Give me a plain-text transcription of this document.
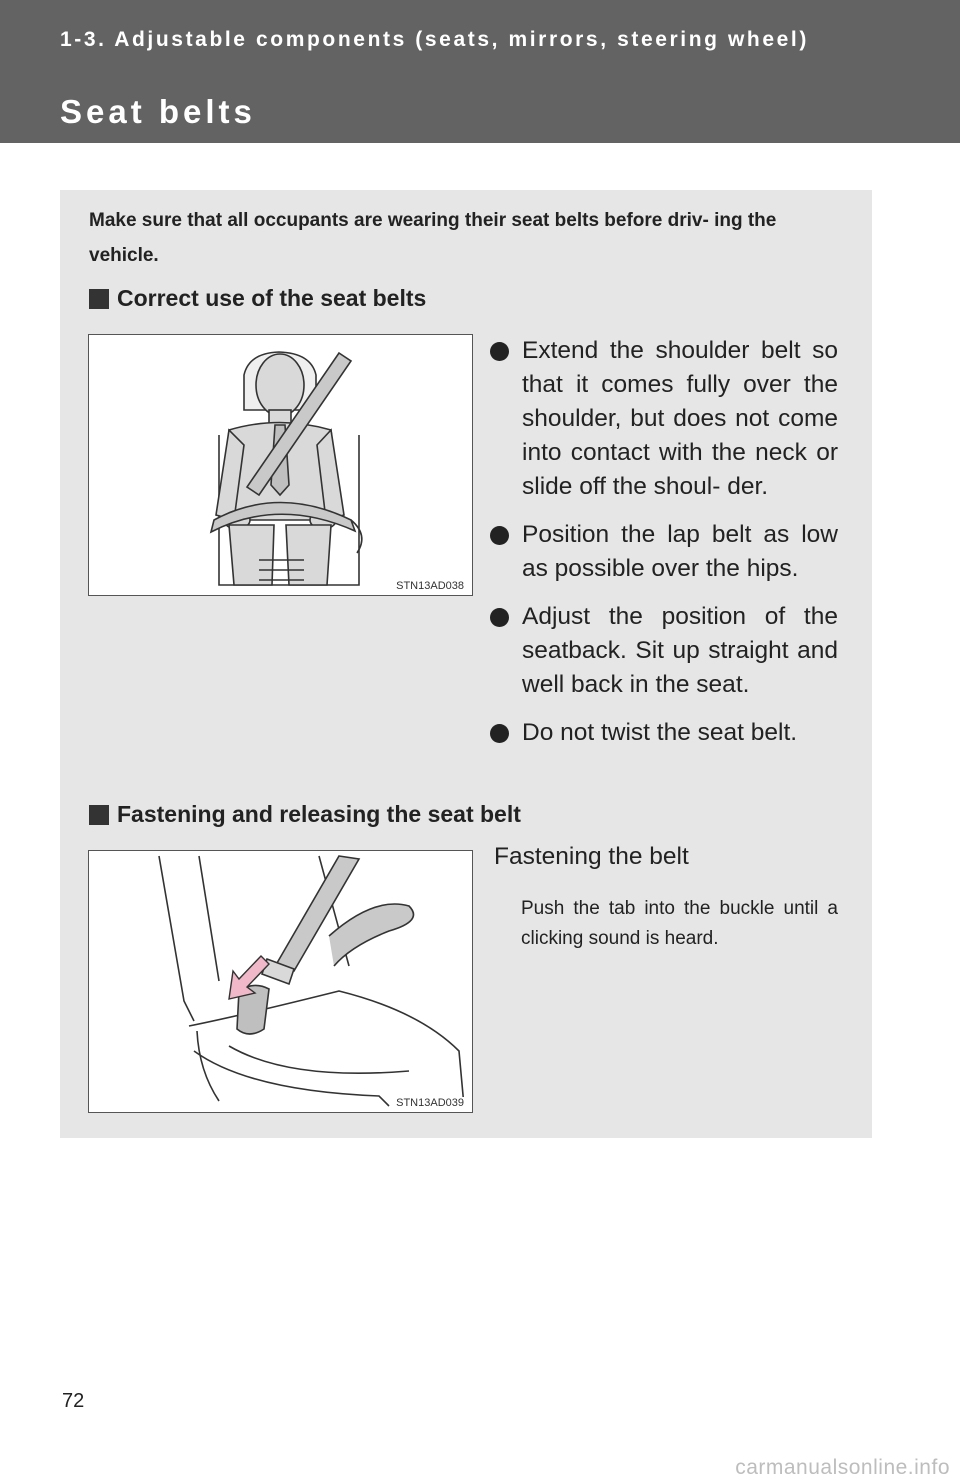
1-3. Adjustable components (seats, mirrors, steering wheel)
Seat belts
Make sure that all occupants are wearing their seat belts before driv- ing the vehicle.
Correct use of the seat belts
STN13AD038
Extend the shoulder belt so that it comes fully over the shoulder, but does not come into contact with the neck or slide off the shoul- der.
Position the lap belt as low as possible over the hips.
Adjust the position of the seatback. Sit up straight and well back in the seat.
Do not twist the seat belt.
Fastening and releasing the seat belt
STN13AD039
Fastening the belt
Push the tab into the buckle until a clicking sound is heard.
72
carmanualsonline.info
